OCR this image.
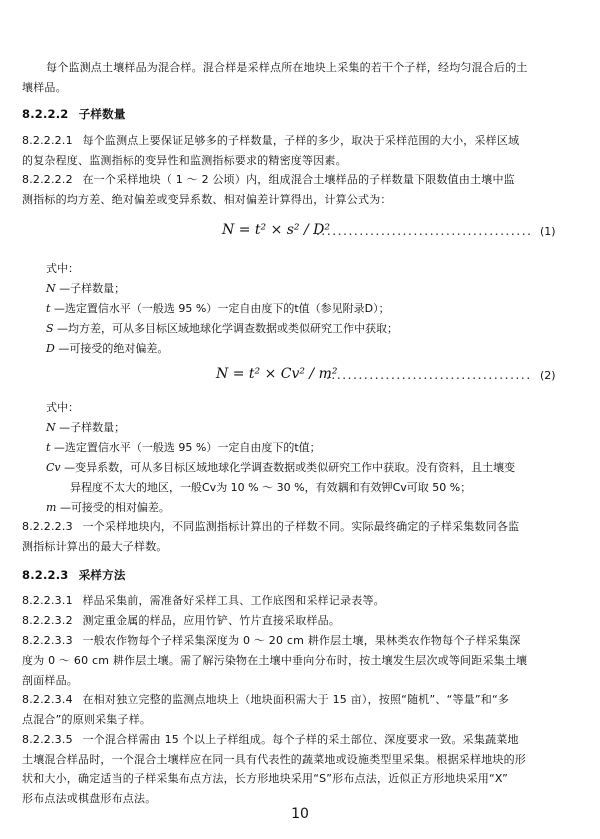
每个监测点土壤样品为混合样。混合样是采样点所在地块上采集的若干个子样，经均匀混合后的土
壤样品。
8.2.2.2 子样数量
8.2.2.2.1 每个监测点上要保证足够多的子样数量，子样的多少，取决于采样范围的大小，采样区域
的复杂程度、监测指标的变异性和监测指标要求的精密度等因素。
8.2.2.2.2 在一个采样地块（ 1 ～ 2 公顷）内，组成混合土壤样品的子样数量下限数值由土壤中监
测指标的均方差、绝对偏差或变异系数、相对偏差计算得出，计算公式为：
N = t² × s² / D²
........................................ (1)
式中：
N —子样数量；
t —选定置信水平（一般选 95 %）一定自由度下的t值（参见附录D）；
S —均方差，可从多目标区域地球化学调查数据或类似研究工作中获取；
D —可接受的绝对偏差。
N = t² × Cv² / m²
...................................... (2)
式中：
N —子样数量；
t —选定置信水平（一般选 95 %）一定自由度下的t值；
Cv —变异系数，可从多目标区域地球化学调查数据或类似研究工作中获取。没有资料，且土壤变
异程度不太大的地区，一般Cv为 10 % ～ 30 %，有效耦和有效钾Cv可取 50 %；
m —可接受的相对偏差。
8.2.2.2.3 一个采样地块内，不同监测指标计算出的子样数不同。实际最终确定的子样采集数同各监
测指标计算出的最大子样数。
8.2.2.3 采样方法
8.2.2.3.1 样品采集前，需准备好采样工具、工作底图和采样记录表等。
8.2.2.3.2 测定重金属的样品，应用竹铲、竹片直接采取样品。
8.2.2.3.3 一般农作物每个子样采集深度为 0 ～ 20 cm 耕作层土壤，果林类农作物每个子样采集深
度为 0 ～ 60 cm 耕作层土壤。需了解污染物在土壤中垂向分布时，按土壤发生层次或等间距采集土壤
剖面样品。
8.2.2.3.4 在相对独立完整的监测点地块上（地块面积需大于 15 亩），按照“随机”、“等量”和“多
点混合”的原则采集子样。
8.2.2.3.5 一个混合样需由 15 个以上子样组成。每个子样的采土部位、深度要求一致。采集蔬菜地
土壤混合样品时，一个混合土壤样应在同一具有代表性的蔬菜地或设施类型里采集。根据采样地块的形
状和大小，确定适当的子样采集布点方法，长方形地块采用“S”形布点法，近似正方形地块采用“X”
形布点法或棋盘形布点法。
10
